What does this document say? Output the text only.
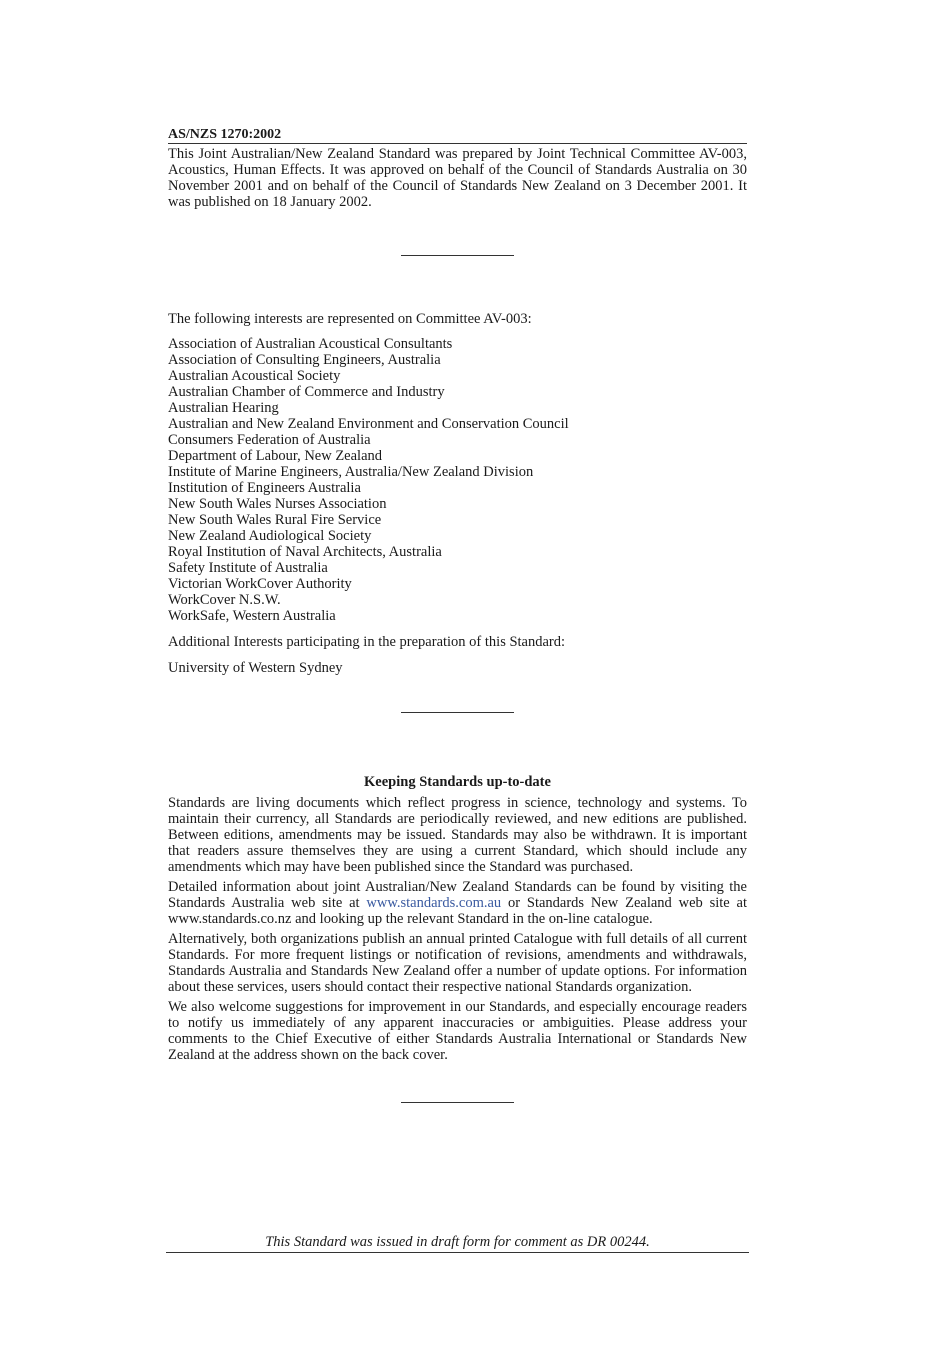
AS/NZS 1270:2002

This Joint Australian/New Zealand Standard was prepared by Joint Technical Committee AV-003, Acoustics, Human Effects. It was approved on behalf of the Council of Standards Australia on 30 November 2001 and on behalf of the Council of Standards New Zealand on 3 December 2001. It was published on 18 January 2002.

The following interests are represented on Committee AV-003:

Association of Australian Acoustical Consultants
Association of Consulting Engineers, Australia
Australian Acoustical Society
Australian Chamber of Commerce and Industry
Australian Hearing
Australian and New Zealand Environment and Conservation Council
Consumers Federation of Australia
Department of Labour, New Zealand
Institute of Marine Engineers, Australia/New Zealand Division
Institution of Engineers Australia
New South Wales Nurses Association
New South Wales Rural Fire Service
New Zealand Audiological Society
Royal Institution of Naval Architects, Australia
Safety Institute of Australia
Victorian WorkCover Authority
WorkCover N.S.W.
WorkSafe, Western Australia

Additional Interests participating in the preparation of this Standard:

University of Western Sydney

Keeping Standards up-to-date

Standards are living documents which reflect progress in science, technology and systems. To maintain their currency, all Standards are periodically reviewed, and new editions are published. Between editions, amendments may be issued. Standards may also be withdrawn. It is important that readers assure themselves they are using a current Standard, which should include any amendments which may have been published since the Standard was purchased.

Detailed information about joint Australian/New Zealand Standards can be found by visiting the Standards Australia web site at www.standards.com.au or Standards New Zealand web site at www.standards.co.nz and looking up the relevant Standard in the on-line catalogue.

Alternatively, both organizations publish an annual printed Catalogue with full details of all current Standards. For more frequent listings or notification of revisions, amendments and withdrawals, Standards Australia and Standards New Zealand offer a number of update options. For information about these services, users should contact their respective national Standards organization.

We also welcome suggestions for improvement in our Standards, and especially encourage readers to notify us immediately of any apparent inaccuracies or ambiguities. Please address your comments to the Chief Executive of either Standards Australia International or Standards New Zealand at the address shown on the back cover.

This Standard was issued in draft form for comment as DR 00244.
